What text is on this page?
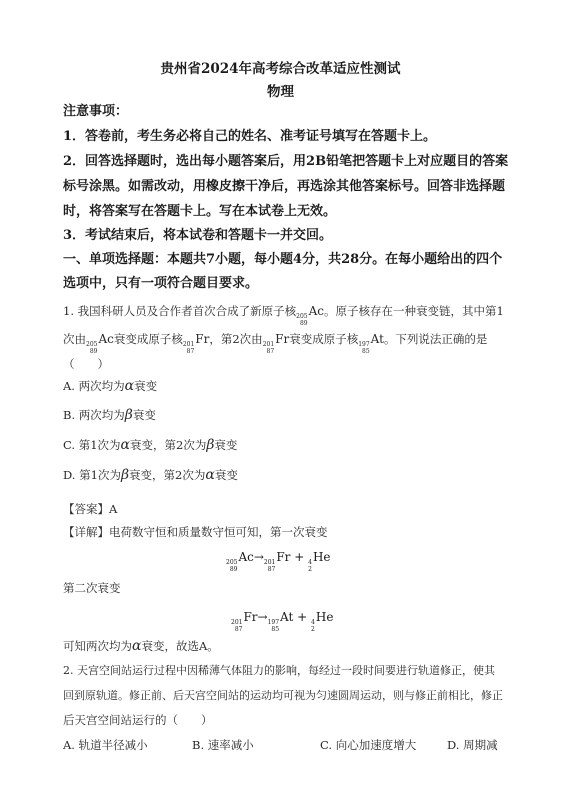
贵州省2024年高考综合改革适应性测试
物理
注意事项：
1．答卷前，考生务必将自己的姓名、准考证号填写在答题卡上。
2．回答选择题时，选出每小题答案后，用2B铅笔把答题卡上对应题目的答案
标号涂黑。如需改动，用橡皮擦干净后，再选涂其他答案标号。回答非选择题
时，将答案写在答题卡上。写在本试卷上无效。
3．考试结束后，将本试卷和答题卡一并交回。
一、单项选择题：本题共7小题，每小题4分，共28分。在每小题给出的四个
选项中，只有一项符合题目要求。
1. 我国科研人员及合作者首次合成了新原子核 205
89
Ac。原子核存在一种衰变链，其中第1
次由 205
89
Ac衰变成原子核 201
87
Fr，第2次由 201
87
Fr衰变成原子核 197
85
At。下列说法正确的是
（　　）
A. 两次均为α衰变
B. 两次均为β衰变
C. 第1次为α衰变，第2次为β衰变
D. 第1次为β衰变，第2次为α衰变
【答案】A
【详解】电荷数守恒和质量数守恒可知，第一次衰变
205
89
Ac→ 201
87
Fr + 4
2
He
第二次衰变
201
87
Fr→ 197
85
At + 4
2
He
可知两次均为α衰变，故选A。
2. 天宫空间站运行过程中因稀薄气体阻力的影响，每经过一段时间要进行轨道修正，使其
回到原轨道。修正前、后天宫空间站的运动均可视为匀速圆周运动，则与修正前相比，修正
后天宫空间站运行的（　　）
A. 轨道半径减小	B. 速率减小	C. 向心加速度增大	D. 周期减
